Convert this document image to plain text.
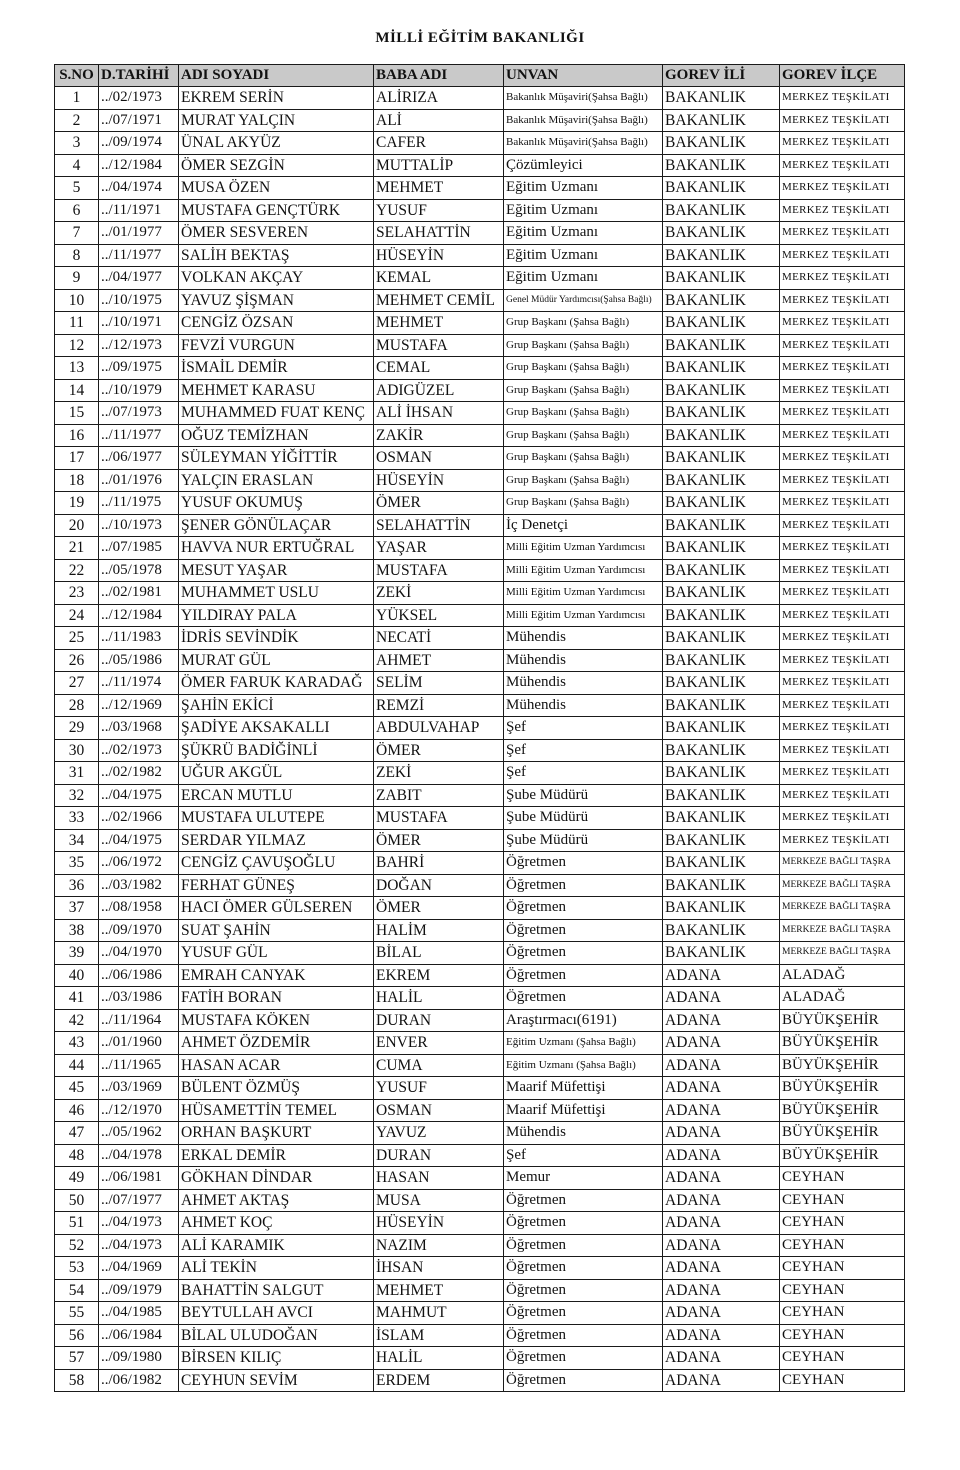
MİLLİ EĞİTİM BAKANLIĞI
S.NO	D.TARİHİ	ADI SOYADI	BABA ADI	UNVAN	GOREV İLİ	GOREV İLÇE
1	../02/1973	EKREM SERİN	ALİRIZA	Bakanlık Müşaviri(Şahsa Bağlı)	BAKANLIK	MERKEZ TEŞKİLATI
2	../07/1971	MURAT YALÇIN	ALİ	Bakanlık Müşaviri(Şahsa Bağlı)	BAKANLIK	MERKEZ TEŞKİLATI
3	../09/1974	ÜNAL AKYÜZ	CAFER	Bakanlık Müşaviri(Şahsa Bağlı)	BAKANLIK	MERKEZ TEŞKİLATI
4	../12/1984	ÖMER SEZGİN	MUTTALİP	Çözümleyici	BAKANLIK	MERKEZ TEŞKİLATI
5	../04/1974	MUSA ÖZEN	MEHMET	Eğitim Uzmanı	BAKANLIK	MERKEZ TEŞKİLATI
6	../11/1971	MUSTAFA GENÇTÜRK	YUSUF	Eğitim Uzmanı	BAKANLIK	MERKEZ TEŞKİLATI
7	../01/1977	ÖMER SESVEREN	SELAHATTİN	Eğitim Uzmanı	BAKANLIK	MERKEZ TEŞKİLATI
8	../11/1977	SALİH BEKTAŞ	HÜSEYİN	Eğitim Uzmanı	BAKANLIK	MERKEZ TEŞKİLATI
9	../04/1977	VOLKAN AKÇAY	KEMAL	Eğitim Uzmanı	BAKANLIK	MERKEZ TEŞKİLATI
10	../10/1975	YAVUZ ŞİŞMAN	MEHMET CEMİL	Genel Müdür Yardımcısı(Şahsa Bağlı)	BAKANLIK	MERKEZ TEŞKİLATI
11	../10/1971	CENGİZ ÖZSAN	MEHMET	Grup Başkanı (Şahsa Bağlı)	BAKANLIK	MERKEZ TEŞKİLATI
12	../12/1973	FEVZİ VURGUN	MUSTAFA	Grup Başkanı (Şahsa Bağlı)	BAKANLIK	MERKEZ TEŞKİLATI
13	../09/1975	İSMAİL DEMİR	CEMAL	Grup Başkanı (Şahsa Bağlı)	BAKANLIK	MERKEZ TEŞKİLATI
14	../10/1979	MEHMET KARASU	ADIGÜZEL	Grup Başkanı (Şahsa Bağlı)	BAKANLIK	MERKEZ TEŞKİLATI
15	../07/1973	MUHAMMED FUAT KENÇ	ALİ İHSAN	Grup Başkanı (Şahsa Bağlı)	BAKANLIK	MERKEZ TEŞKİLATI
16	../11/1977	OĞUZ TEMİZHAN	ZAKİR	Grup Başkanı (Şahsa Bağlı)	BAKANLIK	MERKEZ TEŞKİLATI
17	../06/1977	SÜLEYMAN YİĞİTTİR	OSMAN	Grup Başkanı (Şahsa Bağlı)	BAKANLIK	MERKEZ TEŞKİLATI
18	../01/1976	YALÇIN ERASLAN	HÜSEYİN	Grup Başkanı (Şahsa Bağlı)	BAKANLIK	MERKEZ TEŞKİLATI
19	../11/1975	YUSUF OKUMUŞ	ÖMER	Grup Başkanı (Şahsa Bağlı)	BAKANLIK	MERKEZ TEŞKİLATI
20	../10/1973	ŞENER GÖNÜLAÇAR	SELAHATTİN	İç Denetçi	BAKANLIK	MERKEZ TEŞKİLATI
21	../07/1985	HAVVA NUR ERTUĞRAL	YAŞAR	Milli Eğitim Uzman Yardımcısı	BAKANLIK	MERKEZ TEŞKİLATI
22	../05/1978	MESUT YAŞAR	MUSTAFA	Milli Eğitim Uzman Yardımcısı	BAKANLIK	MERKEZ TEŞKİLATI
23	../02/1981	MUHAMMET USLU	ZEKİ	Milli Eğitim Uzman Yardımcısı	BAKANLIK	MERKEZ TEŞKİLATI
24	../12/1984	YILDIRAY PALA	YÜKSEL	Milli Eğitim Uzman Yardımcısı	BAKANLIK	MERKEZ TEŞKİLATI
25	../11/1983	İDRİS SEVİNDİK	NECATİ	Mühendis	BAKANLIK	MERKEZ TEŞKİLATI
26	../05/1986	MURAT GÜL	AHMET	Mühendis	BAKANLIK	MERKEZ TEŞKİLATI
27	../11/1974	ÖMER FARUK KARADAĞ	SELİM	Mühendis	BAKANLIK	MERKEZ TEŞKİLATI
28	../12/1969	ŞAHİN EKİCİ	REMZİ	Mühendis	BAKANLIK	MERKEZ TEŞKİLATI
29	../03/1968	ŞADİYE AKSAKALLI	ABDULVAHAP	Şef	BAKANLIK	MERKEZ TEŞKİLATI
30	../02/1973	ŞÜKRÜ BADİĞİNLİ	ÖMER	Şef	BAKANLIK	MERKEZ TEŞKİLATI
31	../02/1982	UĞUR AKGÜL	ZEKİ	Şef	BAKANLIK	MERKEZ TEŞKİLATI
32	../04/1975	ERCAN MUTLU	ZABIT	Şube Müdürü	BAKANLIK	MERKEZ TEŞKİLATI
33	../02/1966	MUSTAFA ULUTEPE	MUSTAFA	Şube Müdürü	BAKANLIK	MERKEZ TEŞKİLATI
34	../04/1975	SERDAR YILMAZ	ÖMER	Şube Müdürü	BAKANLIK	MERKEZ TEŞKİLATI
35	../06/1972	CENGİZ ÇAVUŞOĞLU	BAHRİ	Öğretmen	BAKANLIK	MERKEZE BAĞLI TAŞRA
36	../03/1982	FERHAT GÜNEŞ	DOĞAN	Öğretmen	BAKANLIK	MERKEZE BAĞLI TAŞRA
37	../08/1958	HACI ÖMER GÜLSEREN	ÖMER	Öğretmen	BAKANLIK	MERKEZE BAĞLI TAŞRA
38	../09/1970	SUAT ŞAHİN	HALİM	Öğretmen	BAKANLIK	MERKEZE BAĞLI TAŞRA
39	../04/1970	YUSUF GÜL	BİLAL	Öğretmen	BAKANLIK	MERKEZE BAĞLI TAŞRA
40	../06/1986	EMRAH CANYAK	EKREM	Öğretmen	ADANA	ALADAĞ
41	../03/1986	FATİH BORAN	HALİL	Öğretmen	ADANA	ALADAĞ
42	../11/1964	MUSTAFA KÖKEN	DURAN	Araştırmacı(6191)	ADANA	BÜYÜKŞEHİR
43	../01/1960	AHMET ÖZDEMİR	ENVER	Eğitim Uzmanı (Şahsa Bağlı)	ADANA	BÜYÜKŞEHİR
44	../11/1965	HASAN ACAR	CUMA	Eğitim Uzmanı (Şahsa Bağlı)	ADANA	BÜYÜKŞEHİR
45	../03/1969	BÜLENT ÖZMÜŞ	YUSUF	Maarif Müfettişi	ADANA	BÜYÜKŞEHİR
46	../12/1970	HÜSAMETTİN TEMEL	OSMAN	Maarif Müfettişi	ADANA	BÜYÜKŞEHİR
47	../05/1962	ORHAN BAŞKURT	YAVUZ	Mühendis	ADANA	BÜYÜKŞEHİR
48	../04/1978	ERKAL DEMİR	DURAN	Şef	ADANA	BÜYÜKŞEHİR
49	../06/1981	GÖKHAN DİNDAR	HASAN	Memur	ADANA	CEYHAN
50	../07/1977	AHMET AKTAŞ	MUSA	Öğretmen	ADANA	CEYHAN
51	../04/1973	AHMET KOÇ	HÜSEYİN	Öğretmen	ADANA	CEYHAN
52	../04/1973	ALİ KARAMIK	NAZIM	Öğretmen	ADANA	CEYHAN
53	../04/1969	ALİ TEKİN	İHSAN	Öğretmen	ADANA	CEYHAN
54	../09/1979	BAHATTİN SALGUT	MEHMET	Öğretmen	ADANA	CEYHAN
55	../04/1985	BEYTULLAH AVCI	MAHMUT	Öğretmen	ADANA	CEYHAN
56	../06/1984	BİLAL ULUDOĞAN	İSLAM	Öğretmen	ADANA	CEYHAN
57	../09/1980	BİRSEN KILIÇ	HALİL	Öğretmen	ADANA	CEYHAN
58	../06/1982	CEYHUN SEVİM	ERDEM	Öğretmen	ADANA	CEYHAN
